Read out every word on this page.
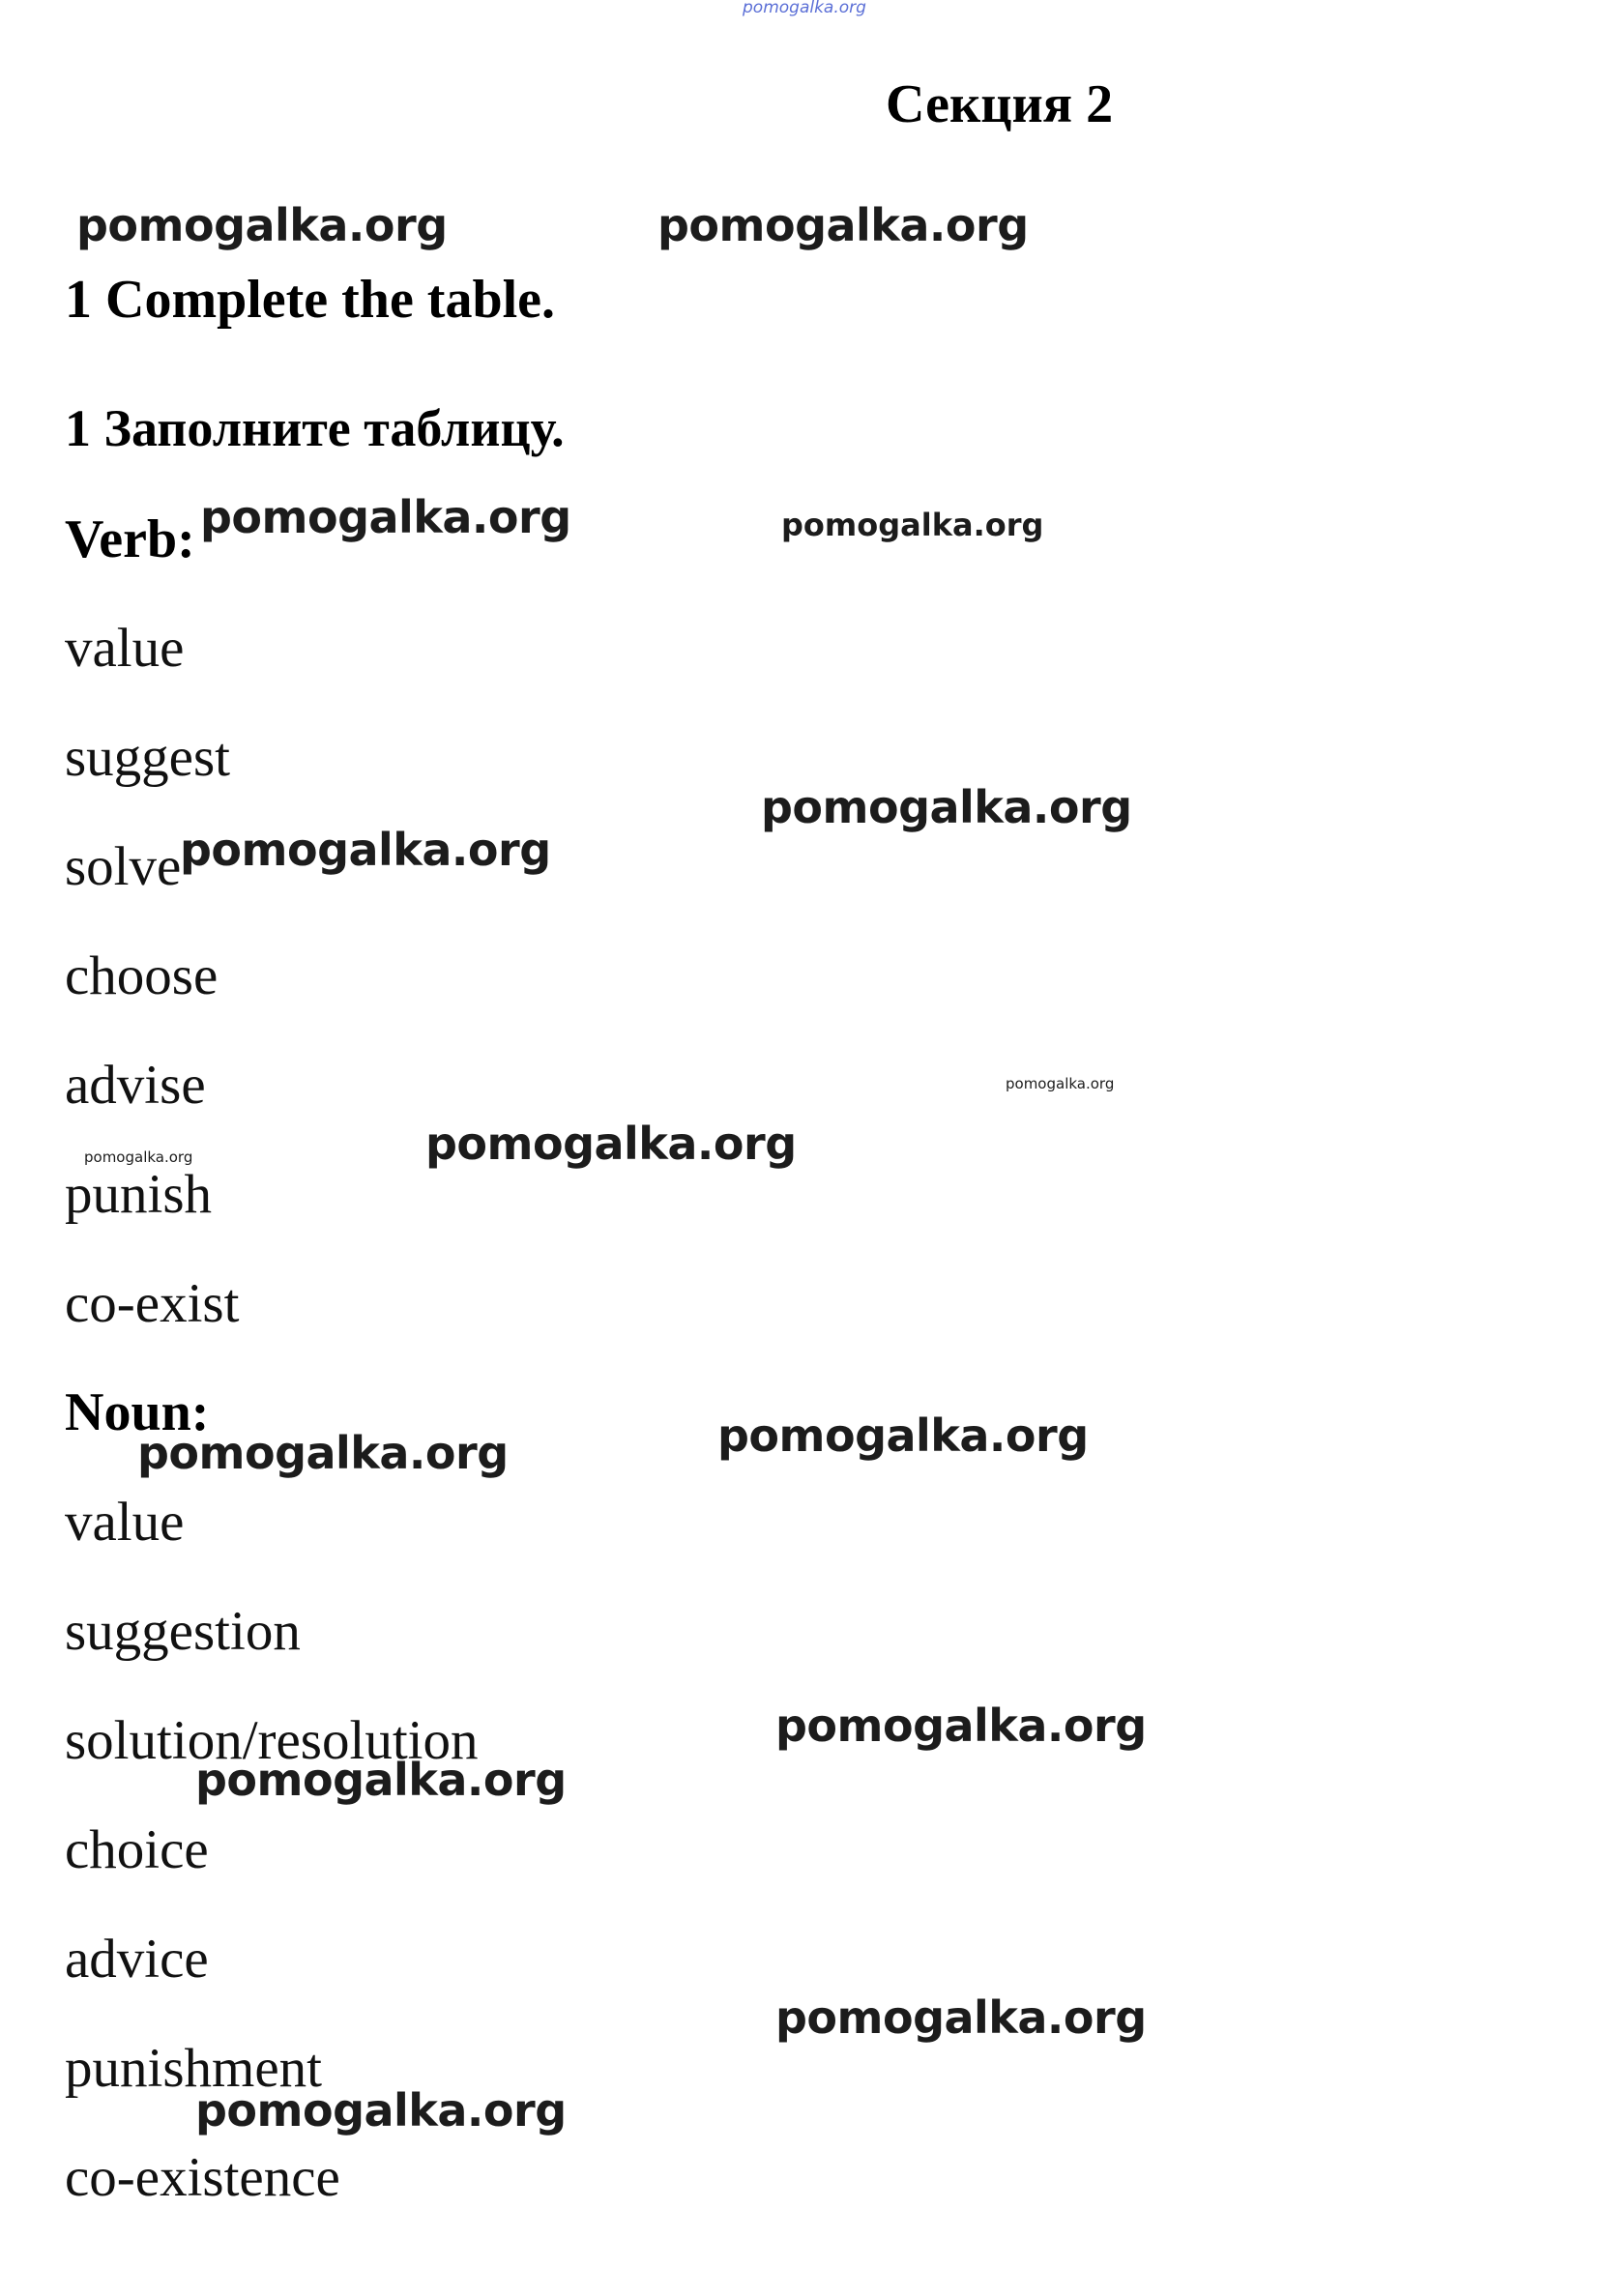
pomogalka.org
Секция 2
pomogalka.org	pomogalka.org
1 Complete the table.
1 Заполните таблицу.
Verb: pomogalka.org	pomogalka.org
value
suggest
pomogalka.org
solve
pomogalka.org
choose
advise	pomogalka.org
pomogalka.org	pomogalka.org
punish
co-exist
Noun:	pomogalka.org
pomogalka.org
value
suggestion
solution/resolution	pomogalka.org
pomogalka.org
choice
advice
pomogalka.org
punishment
pomogalka.org
co-existence
